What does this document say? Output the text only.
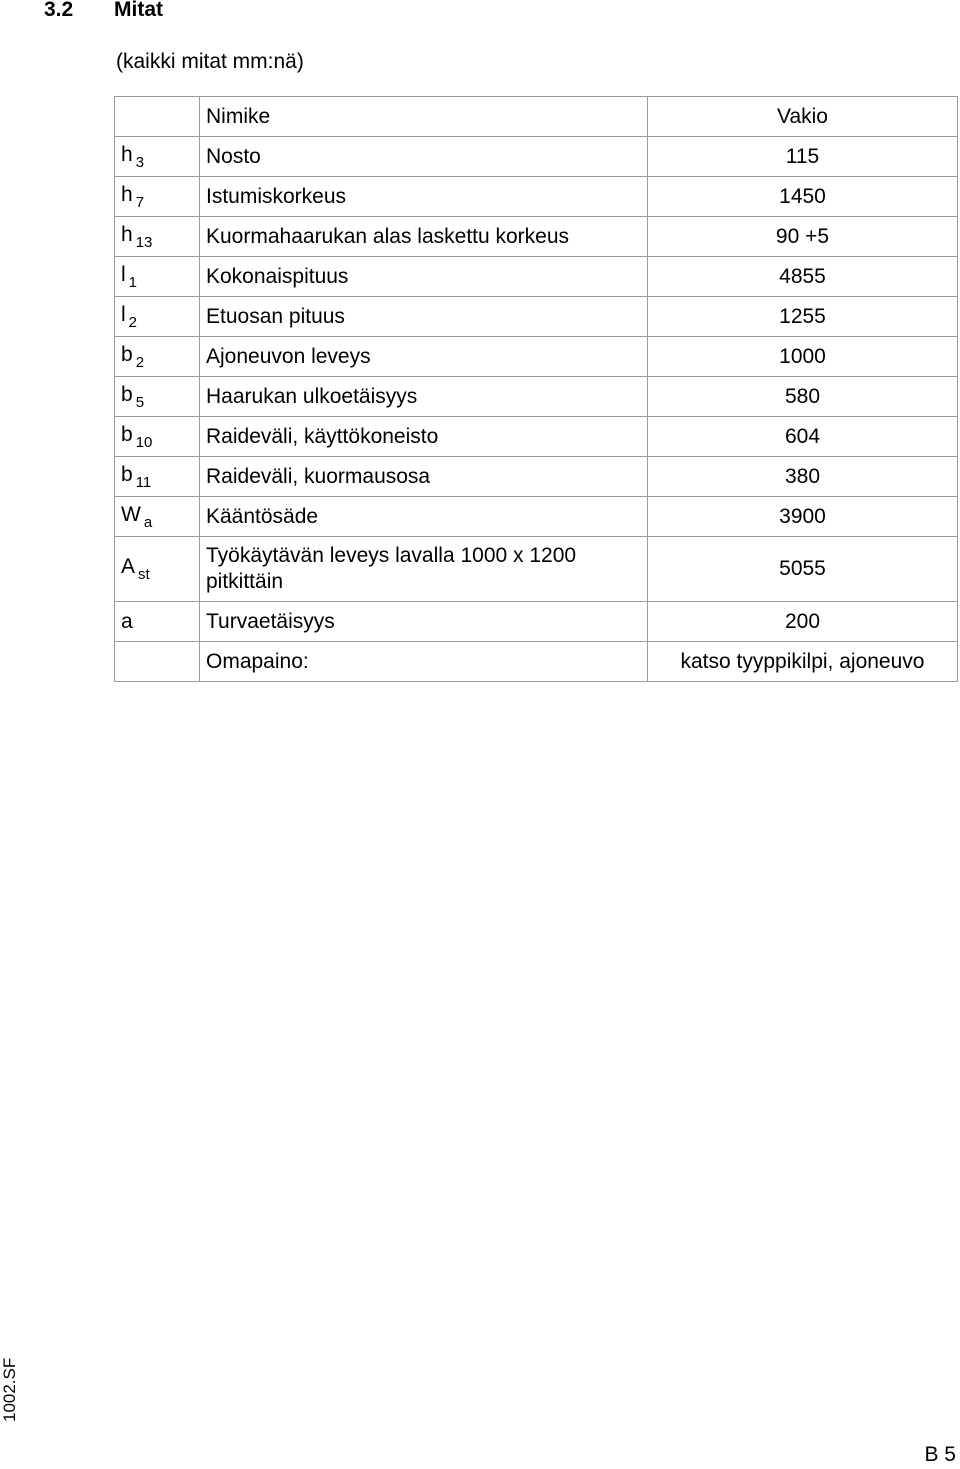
3.2 Mitat
(kaikki mitat mm:nä)
	Nimike	Vakio
h $_3$	Nosto	115
h $_7$	Istumiskorkeus	1450
h $_{13}$	Kuormahaarukan alas laskettu korkeus	90 +5
l $_1$	Kokonaispituus	4855
l $_2$	Etuosan pituus	1255
b $_2$	Ajoneuvon leveys	1000
b $_5$	Haarukan ulkoetäisyys	580
b $_{10}$	Raideväli, käyttökoneisto	604
b $_{11}$	Raideväli, kuormausosa	380
W $_a$	Kääntösäde	3900
A $_{st}$	Työkäytävän leveys lavalla 1000 x 1200 pitkittäin	5055
a	Turvaetäisyys	200
	Omapaino:	katso tyyppikilpi, ajoneuvo
1002.SF
B 5
